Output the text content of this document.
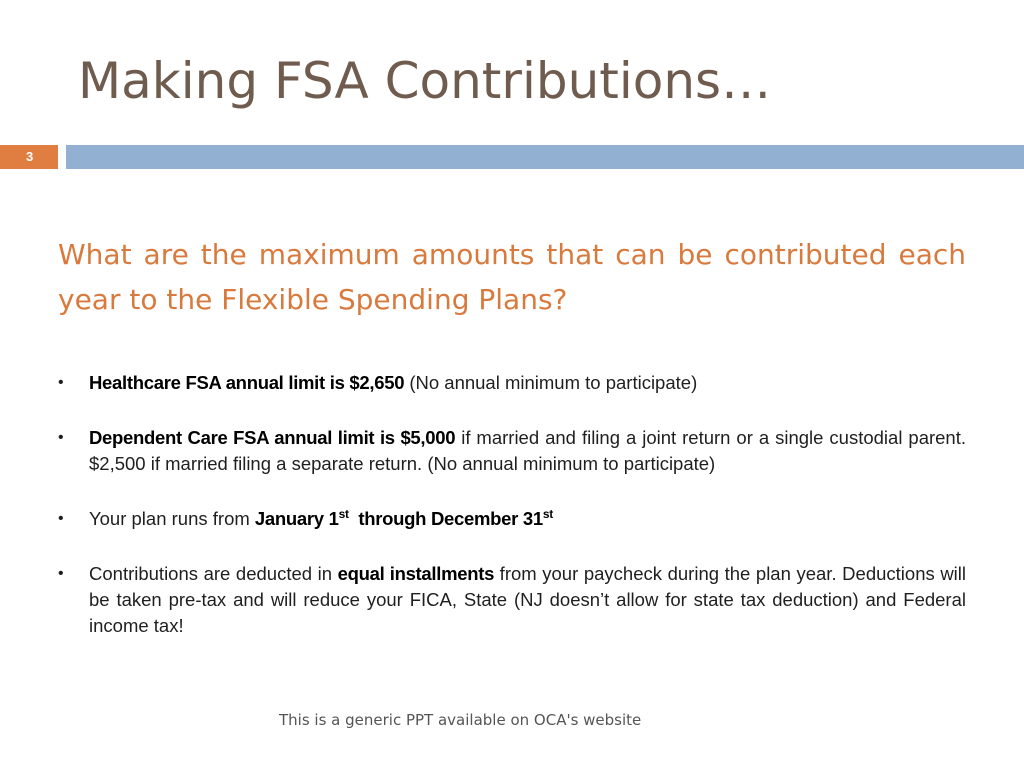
Making FSA Contributions…
3
What are the maximum amounts that can be contributed each year to the Flexible Spending Plans?
• Healthcare FSA annual limit is $2,650 (No annual minimum to participate)
• Dependent Care FSA annual limit is $5,000 if married and filing a joint return or a single custodial parent. $2,500 if married filing a separate return. (No annual minimum to participate)
• Your plan runs from January 1st  through December 31st
• Contributions are deducted in equal installments from your paycheck during the plan year. Deductions will be taken pre-tax and will reduce your FICA, State (NJ doesn’t allow for state tax deduction) and Federal income tax!
This is a generic PPT available on OCA's website
